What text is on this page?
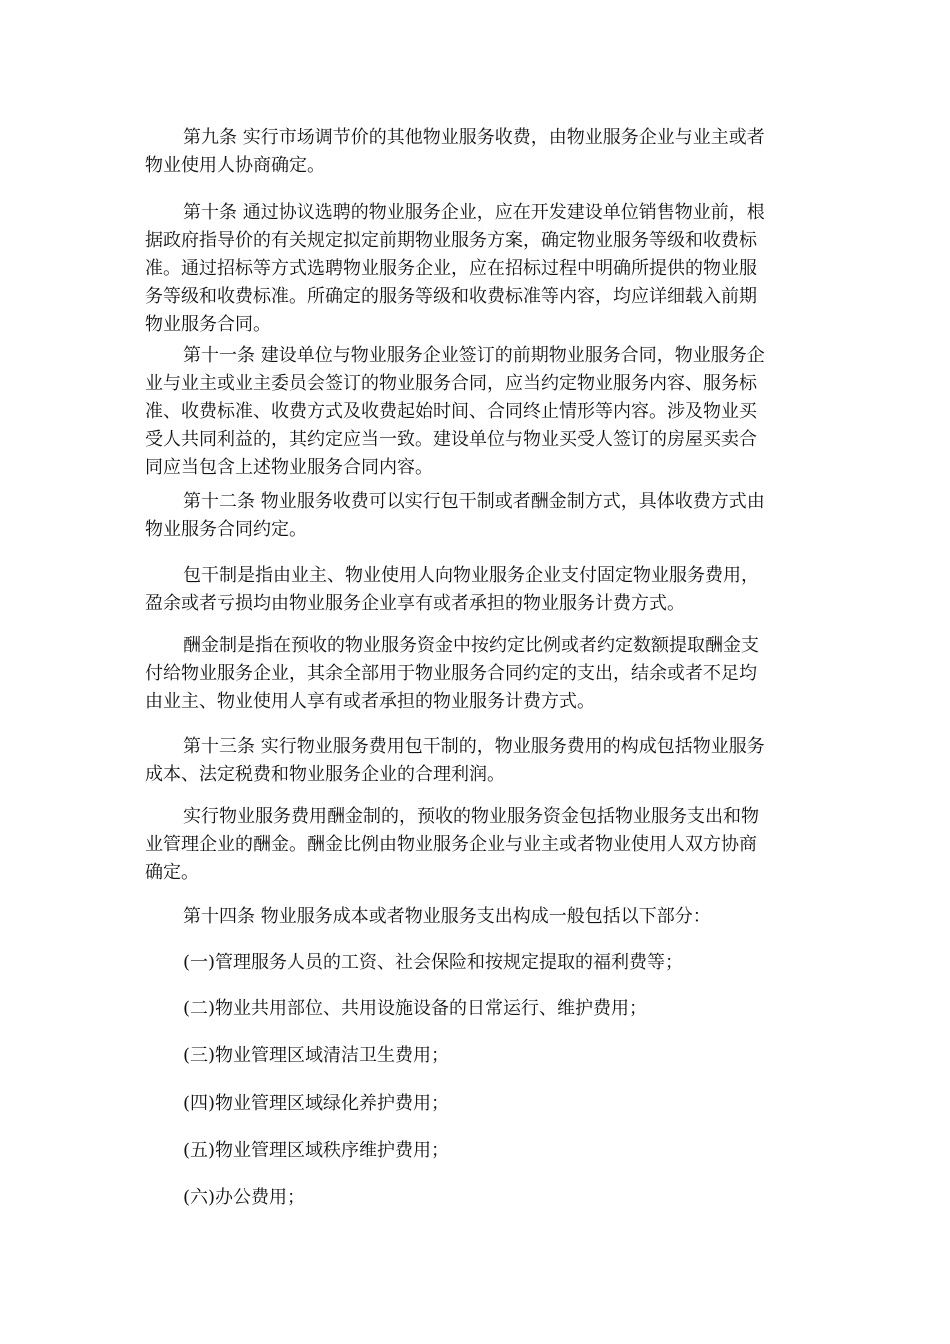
第九条 实行市场调节价的其他物业服务收费，由物业服务企业与业主或者
物业使用人协商确定。

第十条 通过协议选聘的物业服务企业，应在开发建设单位销售物业前，根
据政府指导价的有关规定拟定前期物业服务方案，确定物业服务等级和收费标
准。通过招标等方式选聘物业服务企业，应在招标过程中明确所提供的物业服
务等级和收费标准。所确定的服务等级和收费标准等内容，均应详细载入前期
物业服务合同。

第十一条 建设单位与物业服务企业签订的前期物业服务合同，物业服务企
业与业主或业主委员会签订的物业服务合同，应当约定物业服务内容、服务标
准、收费标准、收费方式及收费起始时间、合同终止情形等内容。涉及物业买
受人共同利益的，其约定应当一致。建设单位与物业买受人签订的房屋买卖合
同应当包含上述物业服务合同内容。

第十二条 物业服务收费可以实行包干制或者酬金制方式，具体收费方式由
物业服务合同约定。

包干制是指由业主、物业使用人向物业服务企业支付固定物业服务费用，
盈余或者亏损均由物业服务企业享有或者承担的物业服务计费方式。

酬金制是指在预收的物业服务资金中按约定比例或者约定数额提取酬金支
付给物业服务企业，其余全部用于物业服务合同约定的支出，结余或者不足均
由业主、物业使用人享有或者承担的物业服务计费方式。

第十三条 实行物业服务费用包干制的，物业服务费用的构成包括物业服务
成本、法定税费和物业服务企业的合理利润。

实行物业服务费用酬金制的，预收的物业服务资金包括物业服务支出和物
业管理企业的酬金。酬金比例由物业服务企业与业主或者物业使用人双方协商
确定。

第十四条 物业服务成本或者物业服务支出构成一般包括以下部分：

(一)管理服务人员的工资、社会保险和按规定提取的福利费等；

(二)物业共用部位、共用设施设备的日常运行、维护费用；

(三)物业管理区域清洁卫生费用；

(四)物业管理区域绿化养护费用；

(五)物业管理区域秩序维护费用；

(六)办公费用；
